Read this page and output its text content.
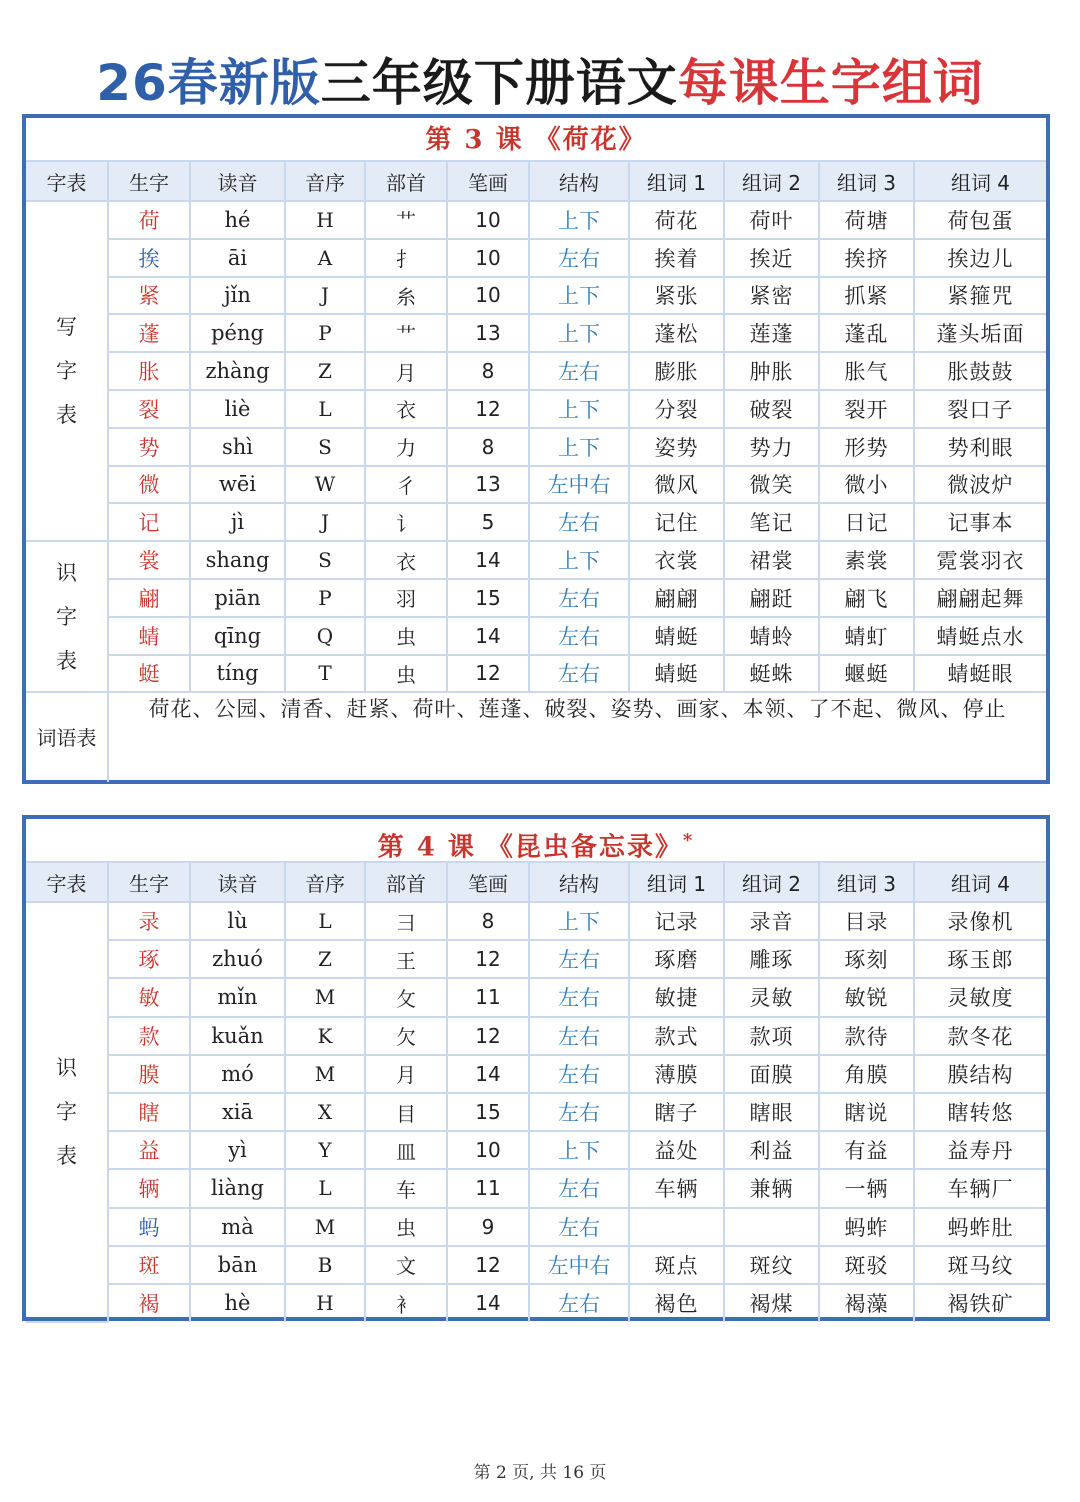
26春新版三年级下册语文每课生字组词
第 3 课 《荷花》
字表	生字	读音	音序	部首	笔画	结构	组词 1	组词 2	组词 3	组词 4

写
字
表	荷	hé	H	艹	10	上下	荷花	荷叶	荷塘	荷包蛋
	挨	āi	A	扌	10	左右	挨着	挨近	挨挤	挨边儿
	紧	jǐn	J	糸	10	上下	紧张	紧密	抓紧	紧箍咒
	蓬	péng	P	艹	13	上下	蓬松	莲蓬	蓬乱	蓬头垢面
	胀	zhàng	Z	月	8	左右	膨胀	肿胀	胀气	胀鼓鼓
	裂	liè	L	衣	12	上下	分裂	破裂	裂开	裂口子
	势	shì	S	力	8	上下	姿势	势力	形势	势利眼
	微	wēi	W	彳	13	左中右	微风	微笑	微小	微波炉
	记	jì	J	讠	5	左右	记住	笔记	日记	记事本

识
字
表	裳	shang	S	衣	14	上下	衣裳	裙裳	素裳	霓裳羽衣
	翩	piān	P	羽	15	左右	翩翩	翩跹	翩飞	翩翩起舞
	蜻	qīng	Q	虫	14	左右	蜻蜓	蜻蛉	蜻虰	蜻蜓点水
	蜓	tíng	T	虫	12	左右	蜻蜓	蜓蛛	蝘蜓	蜻蜓眼
词语表	荷花、公园、清香、赶紧、荷叶、莲蓬、破裂、姿势、画家、本领、了不起、微风、停止									
第 4 课 《昆虫备忘录》*
字表	生字	读音	音序	部首	笔画	结构	组词 1	组词 2	组词 3	组词 4

识
字
表	录	lù	L	彐	8	上下	记录	录音	目录	录像机
	琢	zhuó	Z	王	12	左右	琢磨	雕琢	琢刻	琢玉郎
	敏	mǐn	M	攵	11	左右	敏捷	灵敏	敏锐	灵敏度
	款	kuǎn	K	欠	12	左右	款式	款项	款待	款冬花
	膜	mó	M	月	14	左右	薄膜	面膜	角膜	膜结构
	瞎	xiā	X	目	15	左右	瞎子	瞎眼	瞎说	瞎转悠
	益	yì	Y	皿	10	上下	益处	利益	有益	益寿丹
	辆	liàng	L	车	11	左右	车辆	兼辆	一辆	车辆厂
	蚂	mà	M	虫	9	左右			蚂蚱	蚂蚱肚
	斑	bān	B	文	12	左中右	斑点	斑纹	斑驳	斑马纹
	褐	hè	H	衤	14	左右	褐色	褐煤	褐藻	褐铁矿
第 2 页, 共 16 页
